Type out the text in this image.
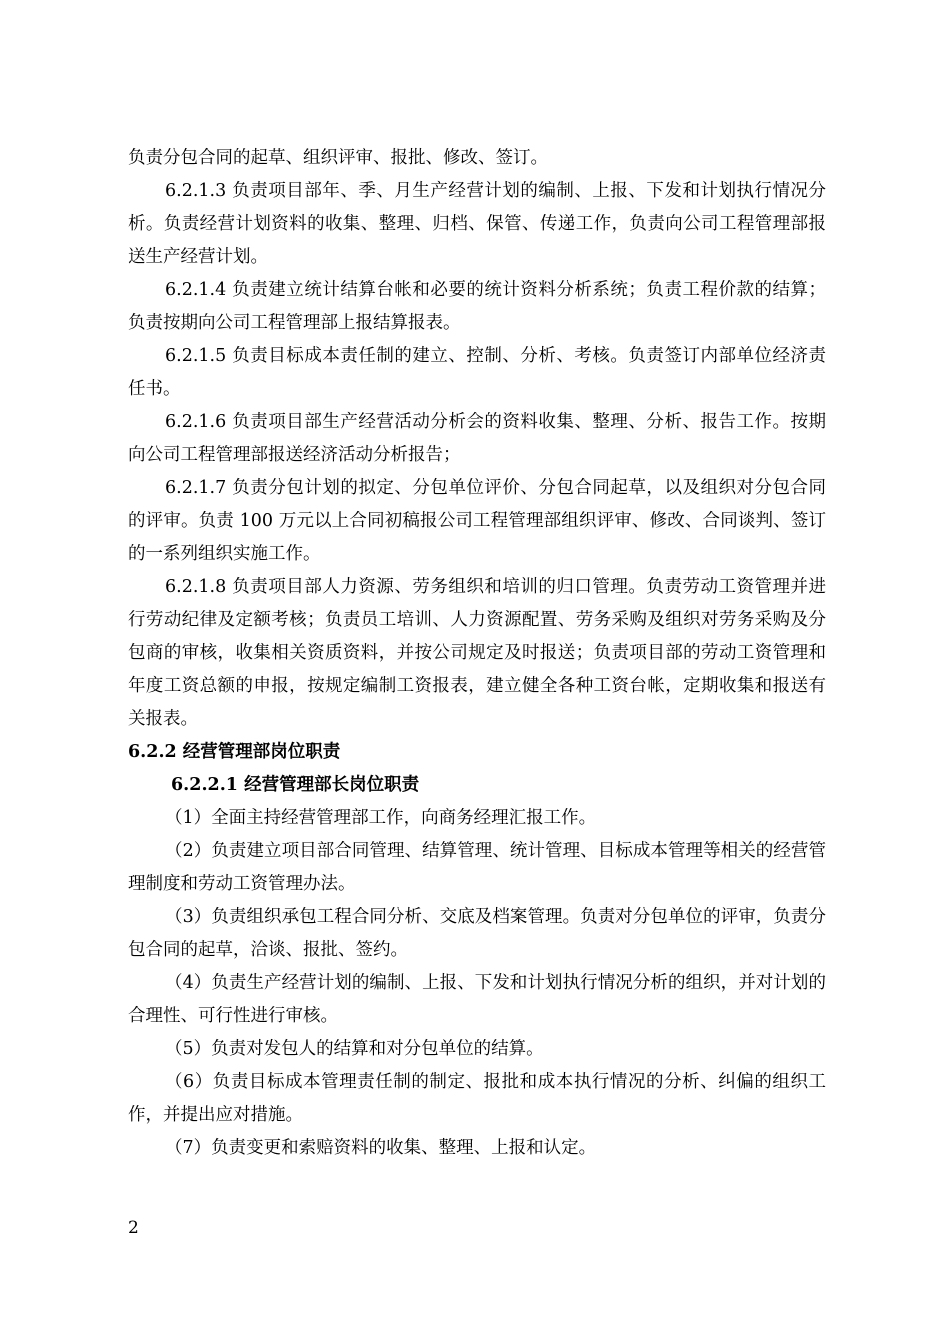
负责分包合同的起草、组织评审、报批、修改、签订。

6.2.1.3 负责项目部年、季、月生产经营计划的编制、上报、下发和计划执行情况分析。负责经营计划资料的收集、整理、归档、保管、传递工作，负责向公司工程管理部报送生产经营计划。

6.2.1.4 负责建立统计结算台帐和必要的统计资料分析系统；负责工程价款的结算；负责按期向公司工程管理部上报结算报表。

6.2.1.5 负责目标成本责任制的建立、控制、分析、考核。负责签订内部单位经济责任书。

6.2.1.6 负责项目部生产经营活动分析会的资料收集、整理、分析、报告工作。按期向公司工程管理部报送经济活动分析报告；

6.2.1.7 负责分包计划的拟定、分包单位评价、分包合同起草，以及组织对分包合同的评审。负责 100 万元以上合同初稿报公司工程管理部组织评审、修改、合同谈判、签订的一系列组织实施工作。

6.2.1.8 负责项目部人力资源、劳务组织和培训的归口管理。负责劳动工资管理并进行劳动纪律及定额考核；负责员工培训、人力资源配置、劳务采购及组织对劳务采购及分包商的审核，收集相关资质资料，并按公司规定及时报送；负责项目部的劳动工资管理和年度工资总额的申报，按规定编制工资报表，建立健全各种工资台帐，定期收集和报送有关报表。

6.2.2 经营管理部岗位职责
6.2.2.1 经营管理部长岗位职责

（1）全面主持经营管理部工作，向商务经理汇报工作。

（2）负责建立项目部合同管理、结算管理、统计管理、目标成本管理等相关的经营管理制度和劳动工资管理办法。

（3）负责组织承包工程合同分析、交底及档案管理。负责对分包单位的评审，负责分包合同的起草，洽谈、报批、签约。

（4）负责生产经营计划的编制、上报、下发和计划执行情况分析的组织，并对计划的合理性、可行性进行审核。

（5）负责对发包人的结算和对分包单位的结算。

（6）负责目标成本管理责任制的制定、报批和成本执行情况的分析、纠偏的组织工作，并提出应对措施。

（7）负责变更和索赔资料的收集、整理、上报和认定。

2
